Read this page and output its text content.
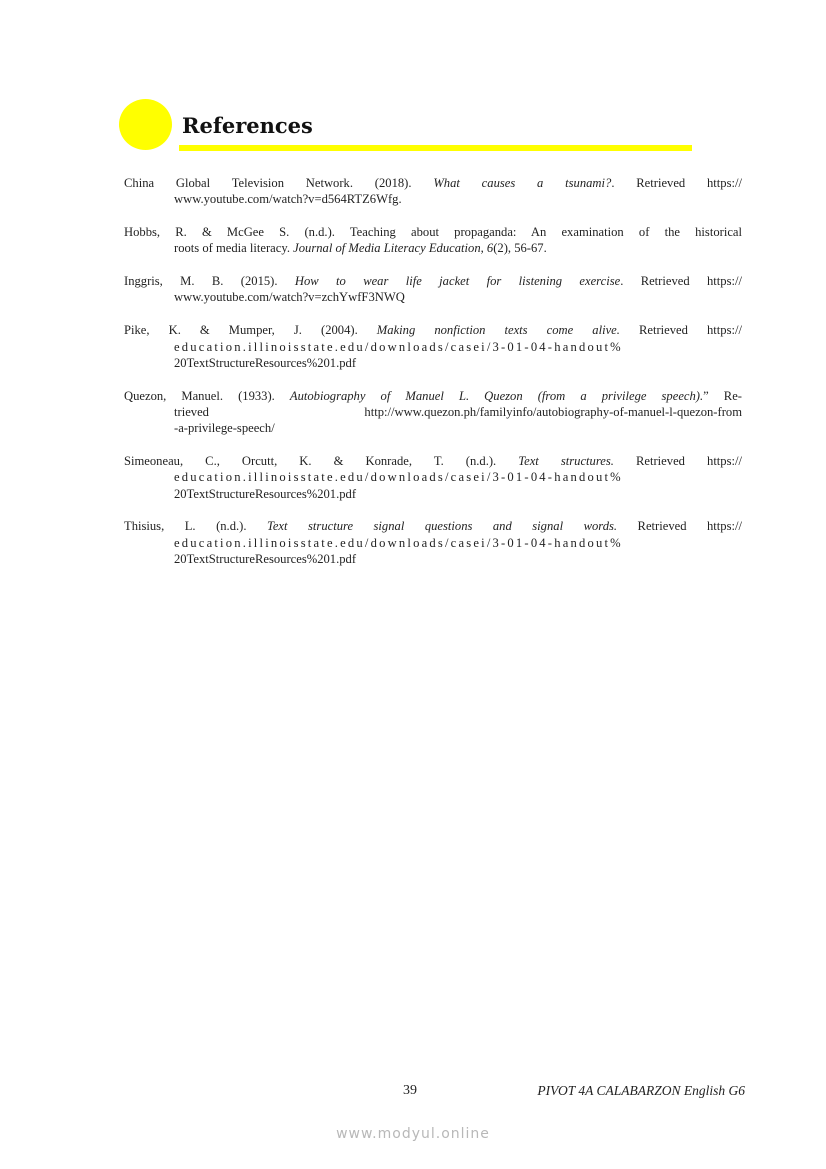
References
China Global Television Network. (2018). What causes a tsunami?. Retrieved https://
www.youtube.com/watch?v=d564RTZ6Wfg.
Hobbs, R. & McGee S. (n.d.). Teaching about propaganda: An examination of the historical
roots of media literacy. Journal of Media Literacy Education, 6(2), 56-67.
Inggris, M. B. (2015). How to wear life jacket for listening exercise. Retrieved https://
www.youtube.com/watch?v=zchYwfF3NWQ
Pike, K. & Mumper, J. (2004). Making nonfiction texts come alive. Retrieved https://
education.illinoisstate.edu/downloads/casei/3-01-04-handout%
20TextStructureResources%201.pdf
Quezon, Manuel. (1933). Autobiography of Manuel L. Quezon (from a privilege speech).” Re-
trieved http://www.quezon.ph/familyinfo/autobiography-of-manuel-l-quezon-from
-a-privilege-speech/
Simeoneau, C., Orcutt, K. & Konrade, T. (n.d.). Text structures. Retrieved https://
education.illinoisstate.edu/downloads/casei/3-01-04-handout%
20TextStructureResources%201.pdf
Thisius, L. (n.d.). Text structure signal questions and signal words. Retrieved https://
education.illinoisstate.edu/downloads/casei/3-01-04-handout%
20TextStructureResources%201.pdf
39	PIVOT 4A CALABARZON English G6
www.modyul.online
